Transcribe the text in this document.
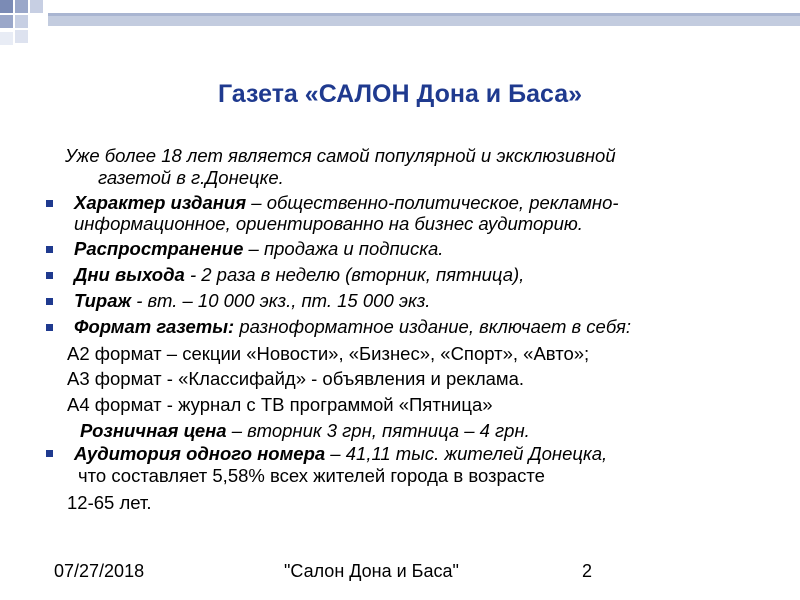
Газета «САЛОН Дона и Баса»
Уже более 18 лет является самой популярной и эксклюзивной
газетой в г.Донецке.
Характер издания – общественно-политическое, рекламно-
информационное, ориентированно на бизнес аудиторию.
Распространение – продажа и подписка.
Дни выхода - 2 раза в неделю (вторник, пятница),
Тираж - вт. – 10 000 экз., пт. 15 000 экз.
Формат газеты: разноформатное издание, включает в себя:
А2 формат – секции «Новости», «Бизнес», «Спорт», «Авто»;
А3 формат - «Классифайд» - объявления и реклама.
А4 формат - журнал с ТВ программой «Пятница»
Розничная цена – вторник 3 грн, пятница – 4 грн.
Аудитория одного номера – 41,11 тыс. жителей Донецка,
что составляет 5,58% всех жителей города в возрасте
12-65 лет.
07/27/2018	"Салон Дона и Баса"	2
